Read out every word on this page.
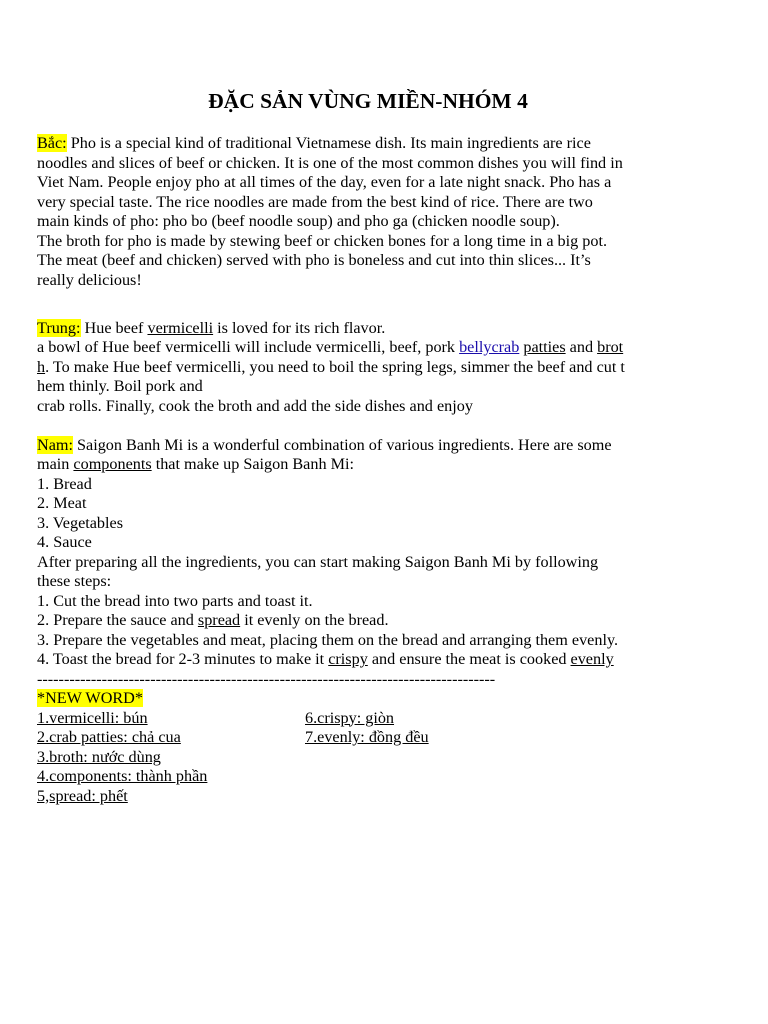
ĐẶC SẢN VÙNG MIỀN-NHÓM 4
Bắc: Pho is a special kind of traditional Vietnamese dish. Its main ingredients are rice
noodles and slices of beef or chicken. It is one of the most common dishes you will find in
Viet Nam. People enjoy pho at all times of the day, even for a late night snack. Pho has a
very special taste. The rice noodles are made from the best kind of rice. There are two
main kinds of pho: pho bo (beef noodle soup) and pho ga (chicken noodle soup).
The broth for pho is made by stewing beef or chicken bones for a long time in a big pot.
The meat (beef and chicken) served with pho is boneless and cut into thin slices... It’s
really delicious!
Trung: Hue beef vermicelli is loved for its rich flavor.
a bowl of Hue beef vermicelli will include vermicelli, beef, pork bellycrab patties and brot
h. To make Hue beef vermicelli, you need to boil the spring legs, simmer the beef and cut t
hem thinly. Boil pork and
crab rolls. Finally, cook the broth and add the side dishes and enjoy
Nam: Saigon Banh Mi is a wonderful combination of various ingredients. Here are some
main components that make up Saigon Banh Mi:
1. Bread
2. Meat
3. Vegetables
4. Sauce
After preparing all the ingredients, you can start making Saigon Banh Mi by following
these steps:
1. Cut the bread into two parts and toast it.
2. Prepare the sauce and spread it evenly on the bread.
3. Prepare the vegetables and meat, placing them on the bread and arranging them evenly.
4. Toast the bread for 2-3 minutes to make it crispy and ensure the meat is cooked evenly
-------------------------------------------------------------------------------------
*NEW WORD*
1.vermicelli: bún	6.crispy: giòn
2.crab patties: chả cua	7.evenly: đồng đều
3.broth: nước dùng
4.components: thành phần
5,spread: phết
